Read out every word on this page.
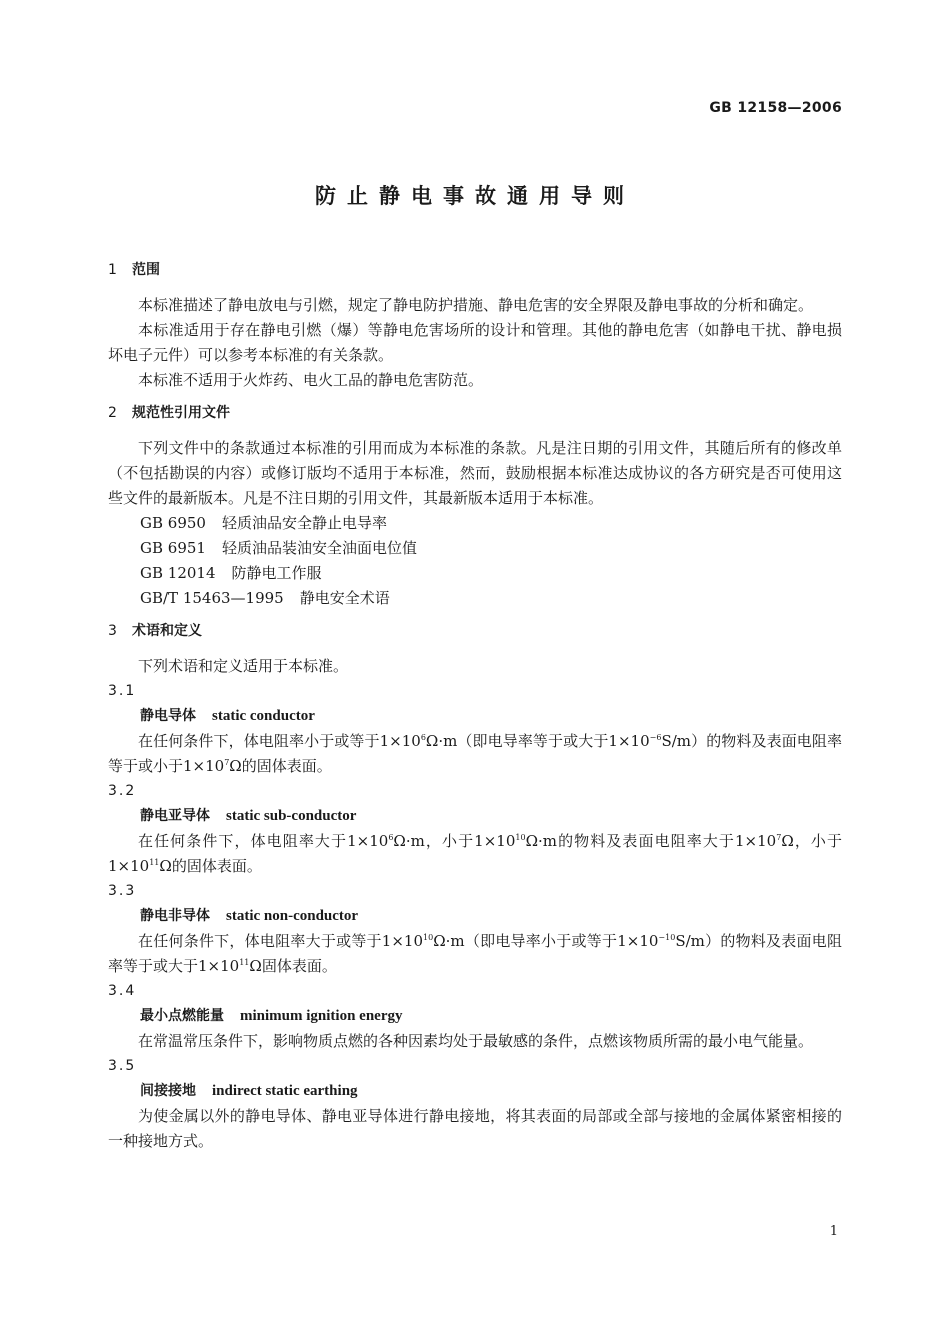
GB 12158—2006
防止静电事故通用导则
1 范围
本标准描述了静电放电与引燃，规定了静电防护措施、静电危害的安全界限及静电事故的分析和确定。
本标准适用于存在静电引燃（爆）等静电危害场所的设计和管理。其他的静电危害（如静电干扰、静电损坏电子元件）可以参考本标准的有关条款。
本标准不适用于火炸药、电火工品的静电危害防范。
2 规范性引用文件
下列文件中的条款通过本标准的引用而成为本标准的条款。凡是注日期的引用文件，其随后所有的修改单（不包括勘误的内容）或修订版均不适用于本标准，然而，鼓励根据本标准达成协议的各方研究是否可使用这些文件的最新版本。凡是不注日期的引用文件，其最新版本适用于本标准。
GB 6950 轻质油品安全静止电导率
GB 6951 轻质油品装油安全油面电位值
GB 12014 防静电工作服
GB/T 15463—1995 静电安全术语
3 术语和定义
下列术语和定义适用于本标准。
3.1
静电导体 static conductor
在任何条件下，体电阻率小于或等于$1\times 10^6\Omega\cdot m$（即电导率等于或大于$1\times 10^{-6}S/m$）的物料及表面电阻率等于或小于$1\times 10^7\Omega$的固体表面。
3.2
静电亚导体 static sub-conductor
在任何条件下，体电阻率大于$1\times 10^6\Omega\cdot m$，小于$1\times 10^{10}\Omega\cdot m$的物料及表面电阻率大于$1\times 10^7\Omega$，小于$1\times 10^{11}\Omega$的固体表面。
3.3
静电非导体 static non-conductor
在任何条件下，体电阻率大于或等于$1\times 10^{10}\Omega\cdot m$（即电导率小于或等于$1\times 10^{-10}S/m$）的物料及表面电阻率等于或大于$1\times 10^{11}\Omega$固体表面。
3.4
最小点燃能量 minimum ignition energy
在常温常压条件下，影响物质点燃的各种因素均处于最敏感的条件，点燃该物质所需的最小电气能量。
3.5
间接接地 indirect static earthing
为使金属以外的静电导体、静电亚导体进行静电接地，将其表面的局部或全部与接地的金属体紧密相接的一种接地方式。
1
